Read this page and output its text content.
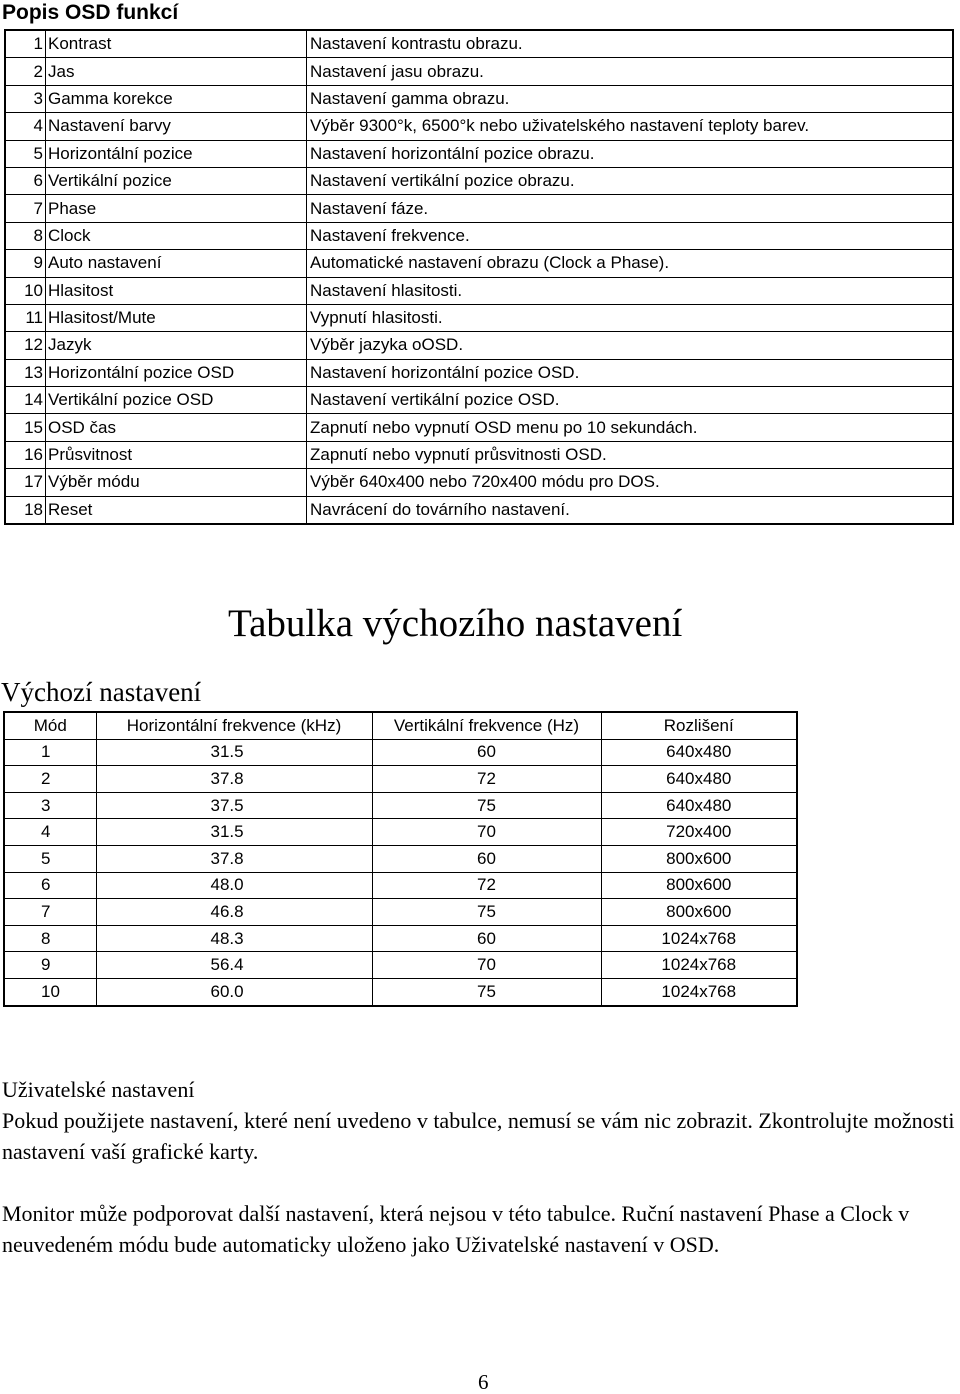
Popis OSD funkcí
1	Kontrast	Nastavení kontrastu obrazu.
2	Jas	Nastavení jasu obrazu.
3	Gamma korekce	Nastavení gamma obrazu.
4	Nastavení barvy	Výběr 9300°k, 6500°k nebo uživatelského nastavení teploty barev.
5	Horizontální pozice	Nastavení horizontální pozice obrazu.
6	Vertikální pozice	Nastavení vertikální pozice obrazu.
7	Phase	Nastavení fáze.
8	Clock	Nastavení frekvence.
9	Auto nastavení	Automatické nastavení obrazu (Clock a Phase).
10	Hlasitost	Nastavení hlasitosti.
11	Hlasitost/Mute	Vypnutí hlasitosti.
12	Jazyk	Výběr jazyka oOSD.
13	Horizontální pozice OSD	Nastavení horizontální pozice OSD.
14	Vertikální pozice OSD	Nastavení vertikální pozice OSD.
15	OSD čas	Zapnutí nebo vypnutí OSD menu po 10 sekundách.
16	Průsvitnost	Zapnutí nebo vypnutí průsvitnosti OSD.
17	Výběr módu	Výběr 640x400 nebo 720x400 módu pro DOS.
18	Reset	Navrácení do továrního nastavení.
Tabulka výchozího nastavení
Výchozí nastavení
Mód	Horizontální frekvence (kHz)	Vertikální frekvence (Hz)	Rozlišení
1	31.5	60	640x480
2	37.8	72	640x480
3	37.5	75	640x480
4	31.5	70	720x400
5	37.8	60	800x600
6	48.0	72	800x600
7	46.8	75	800x600
8	48.3	60	1024x768
9	56.4	70	1024x768
10	60.0	75	1024x768

Uživatelské nastavení

Pokud použijete nastavení, které není uvedeno v tabulce, nemusí se vám nic zobrazit. Zkontrolujte možnosti nastavení vaší grafické karty.

Monitor může podporovat další nastavení, která nejsou v této tabulce. Ruční nastavení Phase a Clock v neuvedeném módu bude automaticky uloženo jako Uživatelské nastavení v OSD.

6
